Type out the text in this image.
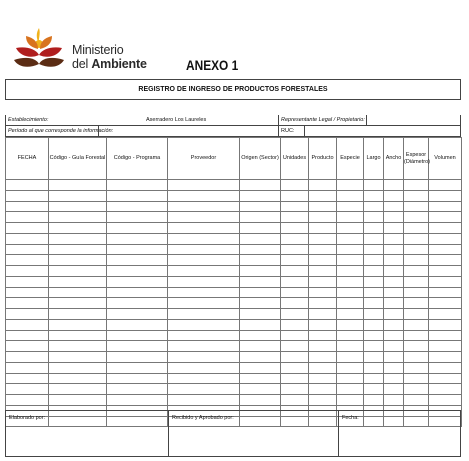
Ministerio
del Ambiente	ANEXO 1
REGISTRO DE INGRESO DE PRODUCTOS FORESTALES
Establecimiento:	Aserradero Los Laureles	Representante Legal / Propietario:
Período al que corresponde la información:	RUC:
FECHA	Código - Guía Forestal	Código - Programa	Proveedor	Origen (Sector)	Unidades	Producto	Especie	Largo	Ancho	Espesor (Diámetro)	Volumen

Elaborado por:	Recibido y Aprobado por:	Fecha:
